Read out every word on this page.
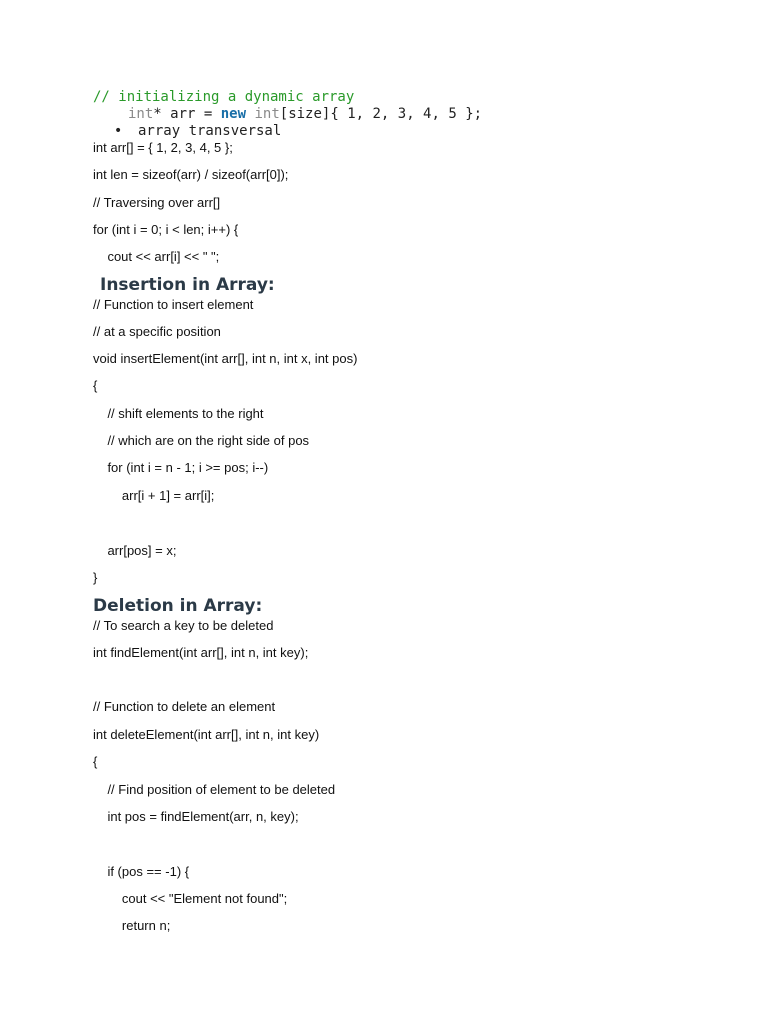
// initializing a dynamic array
int* arr = new int[size]{ 1, 2, 3, 4, 5 };
• array transversal
int arr[] = { 1, 2, 3, 4, 5 };
int len = sizeof(arr) / sizeof(arr[0]);
// Traversing over arr[]
for (int i = 0; i < len; i++) {
cout << arr[i] << " ";
Insertion in Array:
// Function to insert element
// at a specific position
void insertElement(int arr[], int n, int x, int pos)
{
// shift elements to the right
// which are on the right side of pos
for (int i = n - 1; i >= pos; i--)
arr[i + 1] = arr[i];
arr[pos] = x;
}
Deletion in Array:
// To search a key to be deleted
int findElement(int arr[], int n, int key);
// Function to delete an element
int deleteElement(int arr[], int n, int key)
{
// Find position of element to be deleted
int pos = findElement(arr, n, key);
if (pos == -1) {
cout << "Element not found";
return n;
